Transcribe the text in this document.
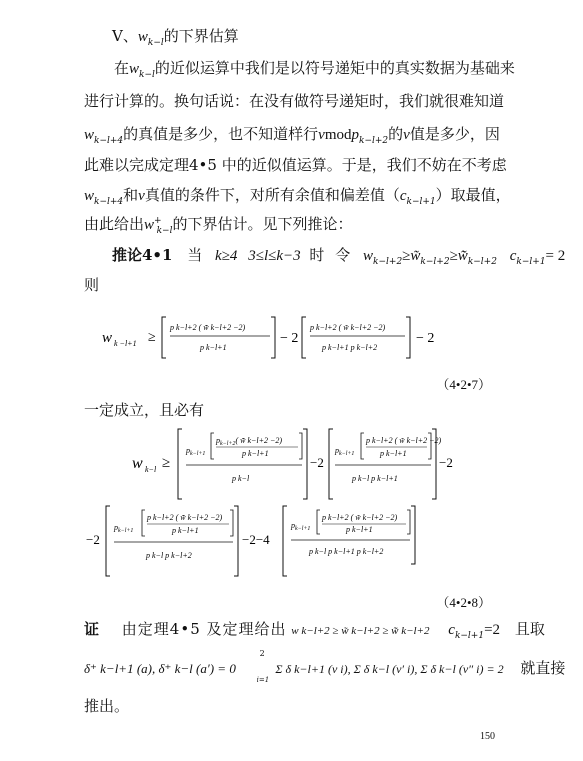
V、$w_{k-l}$的下界估算
在$w_{k-l}$的近似运算中我们是以符号递矩中的真实数据为基础来
进行计算的。换句话说：在没有做符号递矩时，我们就很难知道
$w_{k-l+4}$的真值是多少，也不知道样行vmodp$_{k-l+2}$的v值是多少，因
此难以完成定理4•5 中的近似值运算。于是，我们不妨在不考虑
$w_{k-l+4}$和v真值的条件下，对所有余值和偏差值$(c_{k-l+1})$取最值，
由此给出$w^+_{k-l}$的下界估计。见下列推论：
推论4•1 当 k≥4 3≤l≤k−3 时 令 $w_{k-l+2}\ge w̃_{k-l+2}\ge w̃̃_{k-l+2}$ $c_{k-l+1}= 2$
则
w k −l+1 ≥
p k−l+2 ( w̃̃ k−l+2 −2)
p k−l+1
− 2
p k−l+2 ( w̃ k−l+2 −2)
p k−l+1 p k−l+2
− 2
（4•2•7）
一定成立，且必有
w k−l ≥
$p_{k-l+1}$
$p_{k-l+2}$( w̃̃ k−l+2 −2)
p k−l+1
p k−l
−2
$p_{k-l+1}$
p k−l+2 ( w̃ k−l+2 −2)
p k−l+1
p k−l p k−l+1
−2
−2
$p_{k-l+1}$
p k−l+2 ( w̃̃ k−l+2 −2)
p k−l+1
p k−l p k−l+2
−2−4
$p_{k-l+1}$
p k−l+2 ( w̃ k−l+2 −2)
p k−l+1
p k−l p k−l+1 p k−l+2
（4•2•8）
证 由定理4•5 及定理给出 w k−l+2 ≥ w̃ k−l+2 ≥ w̃̃ k−l+2 $c_{k-l+1}=2$ 且取
δ⁺ k−l+1 (a), δ⁺ k−l (a′) = 0
2
i=1
Σ δ k−l+1 (v i), Σ δ k−l (v′ i), Σ δ k−l (v″ i) = 2 就直接
推出。
150
